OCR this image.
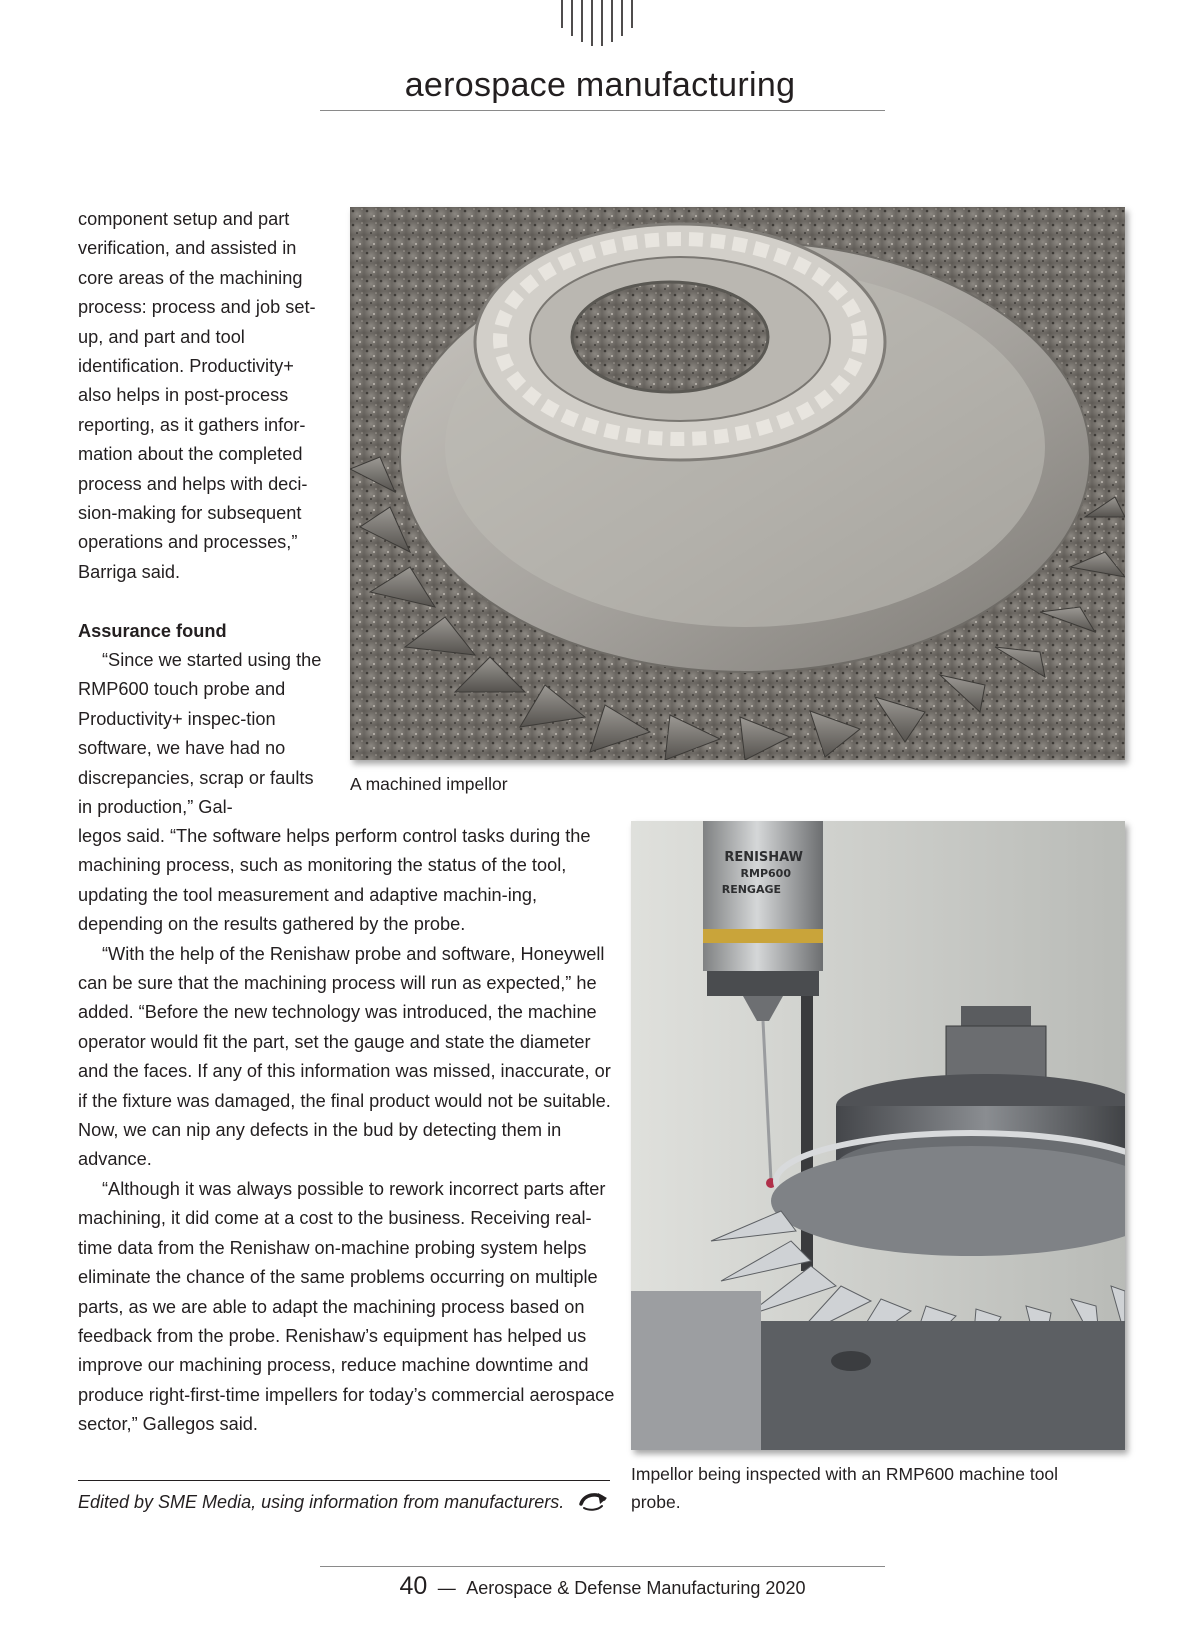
aerospace manufacturing

component setup and part verification, and assisted in core areas of the machining process: process and job set-up, and part and tool identification. Productivity+ also helps in post-process reporting, as it gathers infor-mation about the completed process and helps with deci-sion-making for subsequent operations and processes,” Barriga said.

Assurance found

“Since we started using the RMP600 touch probe and Productivity+ inspec-tion software, we have had no discrepancies, scrap or faults in production,” Gal-

legos said. “The software helps perform control tasks during the machining process, such as monitoring the status of the tool, updating the tool measurement and adaptive machin-ing, depending on the results gathered by the probe.

“With the help of the Renishaw probe and software, Honeywell can be sure that the machining process will run as expected,” he added. “Before the new technology was introduced, the machine operator would fit the part, set the gauge and state the diameter and the faces. If any of this information was missed, inaccurate, or if the fixture was damaged, the final product would not be suitable. Now, we can nip any defects in the bud by detecting them in advance.

“Although it was always possible to rework incorrect parts after machining, it did come at a cost to the business. Receiving real-time data from the Renishaw on-machine probing system helps eliminate the chance of the same problems occurring on multiple parts, as we are able to adapt the machining process based on feedback from the probe. Renishaw’s equipment has helped us improve our machining process, reduce machine downtime and produce right-first-time impellers for today’s commercial aerospace sector,” Gallegos said.

A machined impellor
RENISHAW
RMP600
RENGAGE
Impellor being inspected with an RMP600 machine tool probe.
Edited by SME Media, using information from manufacturers.
40 — Aerospace & Defense Manufacturing 2020
